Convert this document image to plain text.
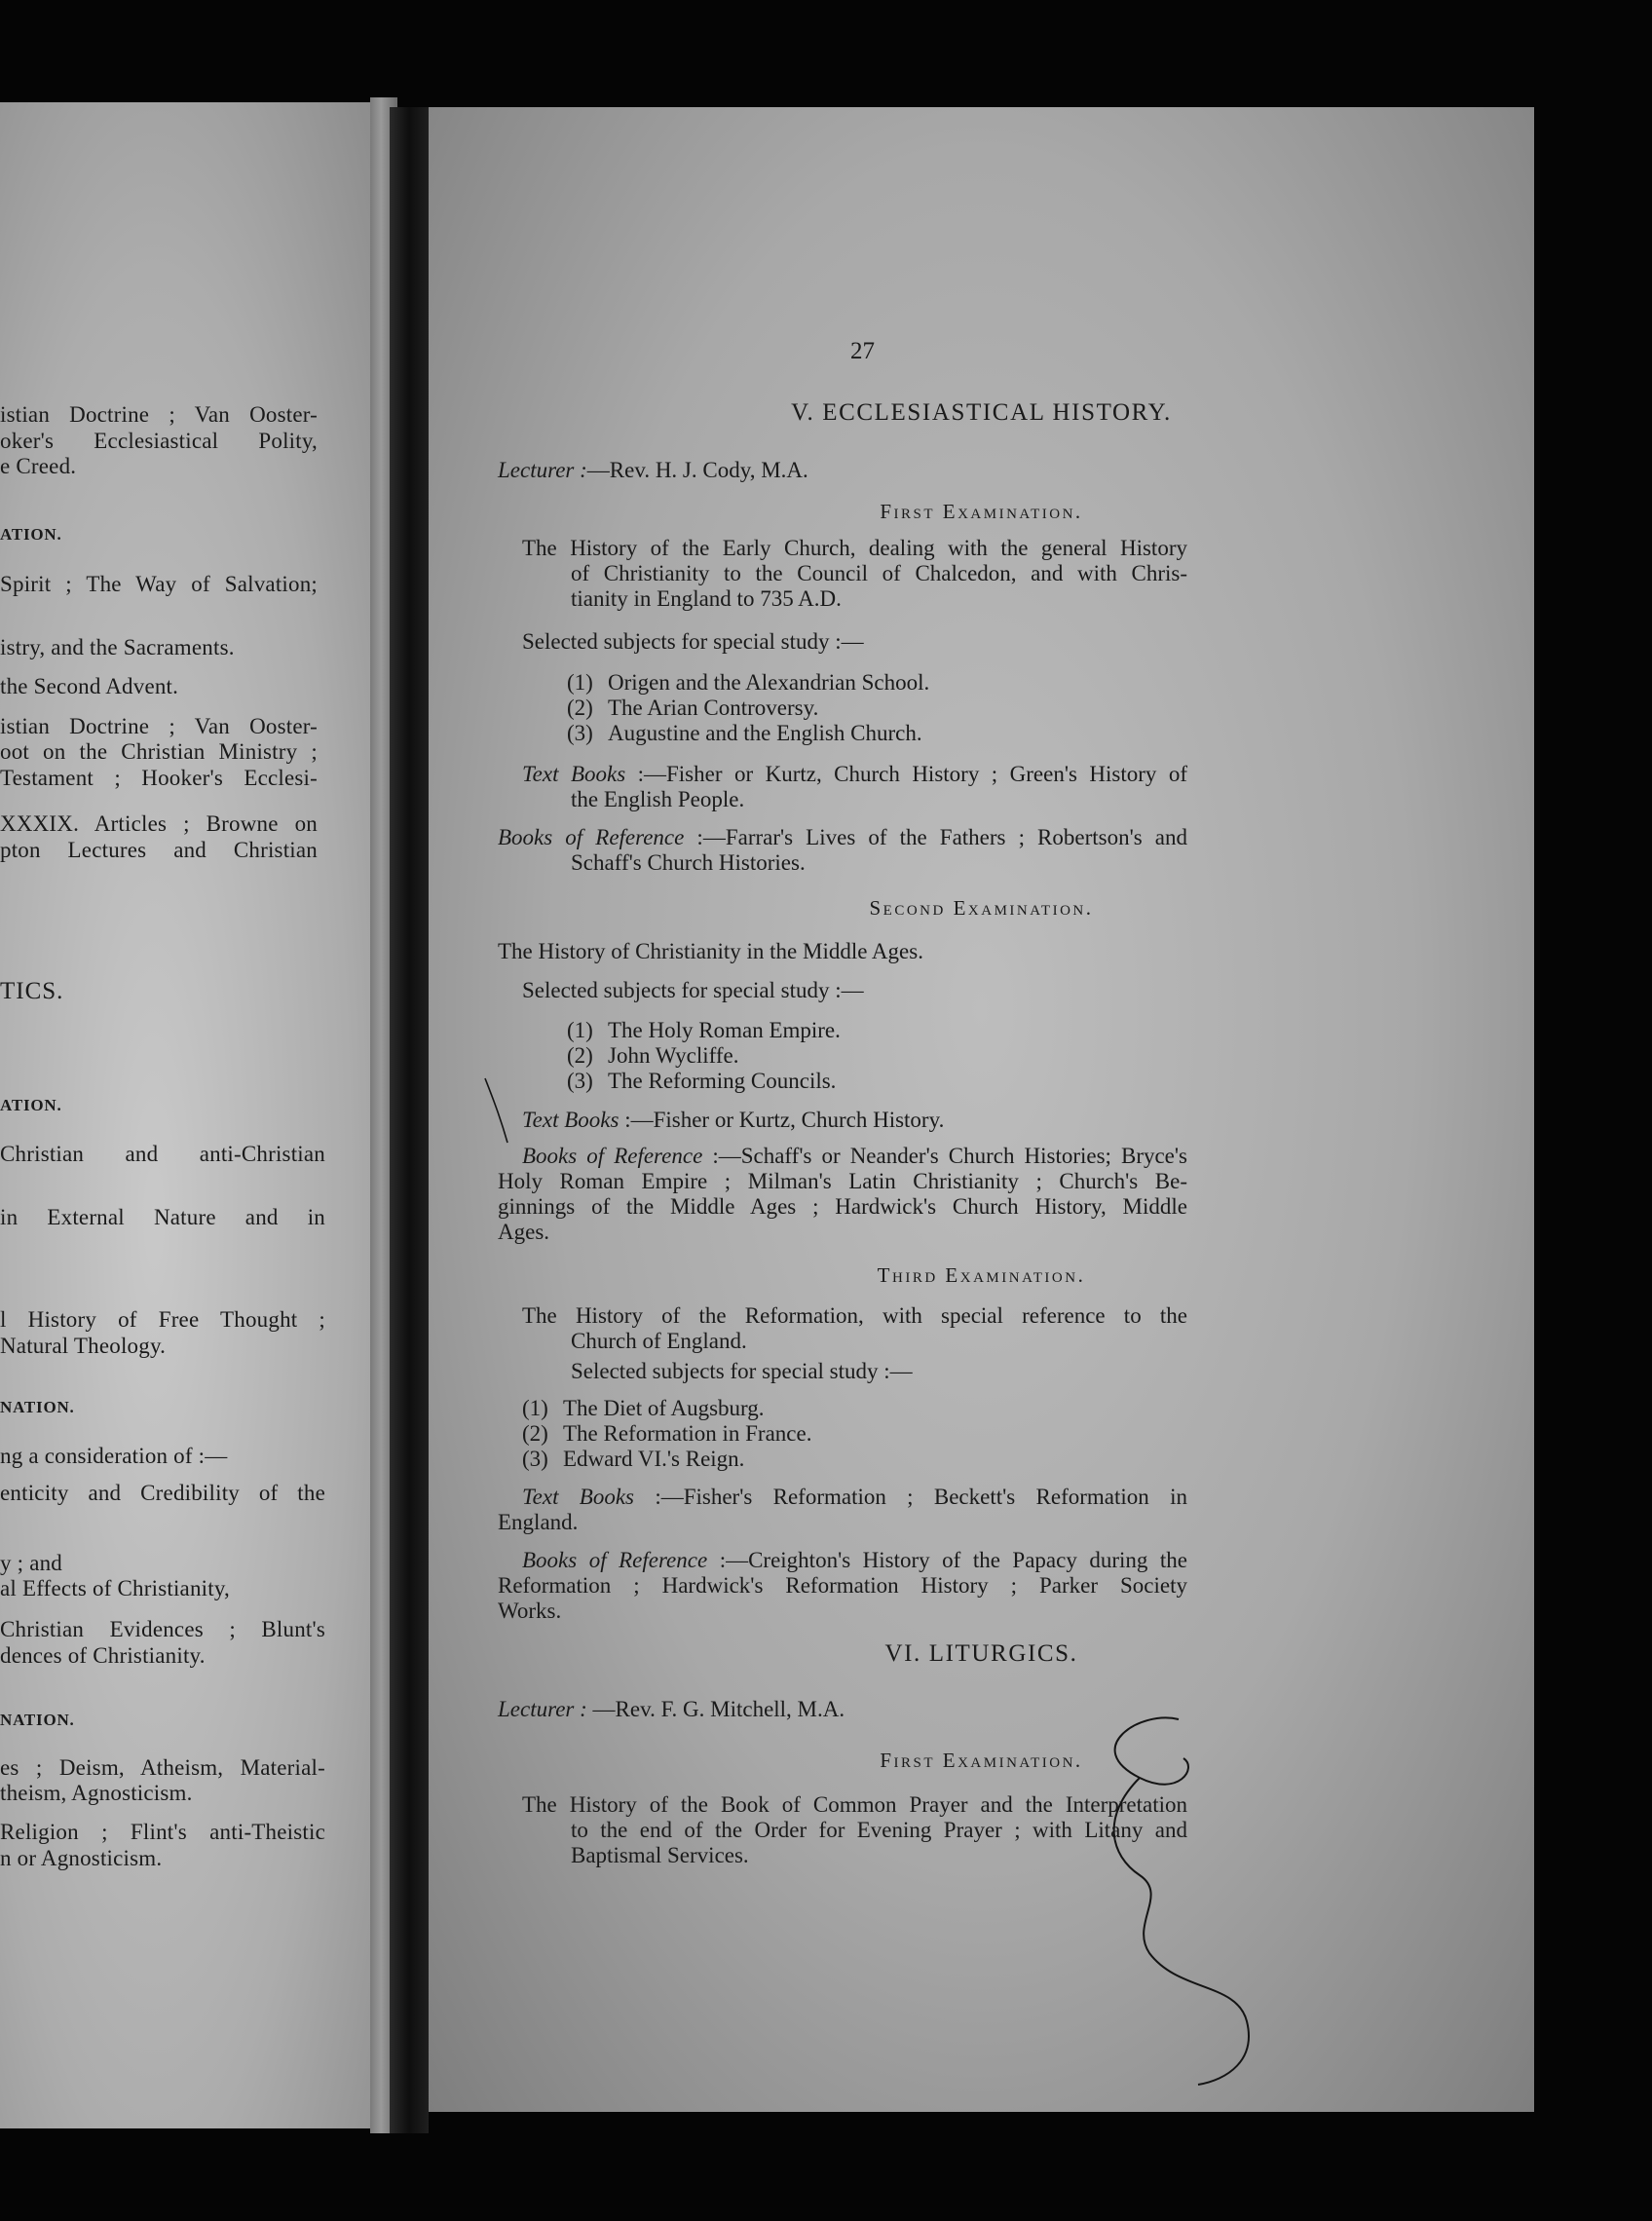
istian Doctrine ; Van Ooster-
oker's Ecclesiastical Polity,
e Creed.
ATION.
Spirit ; The Way of Salvation;
istry, and the Sacraments.
the Second Advent.
istian Doctrine ; Van Ooster-
oot on the Christian Ministry ;
Testament ; Hooker's Ecclesi-
XXXIX. Articles ; Browne on
pton Lectures and Christian
TICS.
ATION.
Christian and anti-Christian
in External Nature and in
l History of Free Thought ;
Natural Theology.
NATION.
ng a consideration of :—
enticity and Credibility of the
y ; and
al Effects of Christianity,
Christian Evidences ; Blunt's
dences of Christianity.
NATION.
es ; Deism, Atheism, Material-
theism, Agnosticism.
Religion ; Flint's anti-Theistic
n or Agnosticism.
27
V. ECCLESIASTICAL HISTORY.
Lecturer :—Rev. H. J. Cody, M.A.
First Examination.
The History of the Early Church, dealing with the general History
of Christianity to the Council of Chalcedon, and with Chris-
tianity in England to 735 A.D.
Selected subjects for special study :—
(1) Origen and the Alexandrian School.
(2) The Arian Controversy.
(3) Augustine and the English Church.
Text Books :—Fisher or Kurtz, Church History ; Green's History of
the English People.
Books of Reference :—Farrar's Lives of the Fathers ; Robertson's and
Schaff's Church Histories.
Second Examination.
The History of Christianity in the Middle Ages.
Selected subjects for special study :—
(1) The Holy Roman Empire.
(2) John Wycliffe.
(3) The Reforming Councils.
Text Books :—Fisher or Kurtz, Church History.
Books of Reference :—Schaff's or Neander's Church Histories; Bryce's
Holy Roman Empire ; Milman's Latin Christianity ; Church's Be-
ginnings of the Middle Ages ; Hardwick's Church History, Middle
Ages.
Third Examination.
The History of the Reformation, with special reference to the
Church of England.
Selected subjects for special study :—
(1) The Diet of Augsburg.
(2) The Reformation in France.
(3) Edward VI.'s Reign.
Text Books :—Fisher's Reformation ; Beckett's Reformation in
England.
Books of Reference :—Creighton's History of the Papacy during the
Reformation ; Hardwick's Reformation History ; Parker Society
Works.
VI. LITURGICS.
Lecturer : —Rev. F. G. Mitchell, M.A.
First Examination.
The History of the Book of Common Prayer and the Interpretation
to the end of the Order for Evening Prayer ; with Litany and
Baptismal Services.
